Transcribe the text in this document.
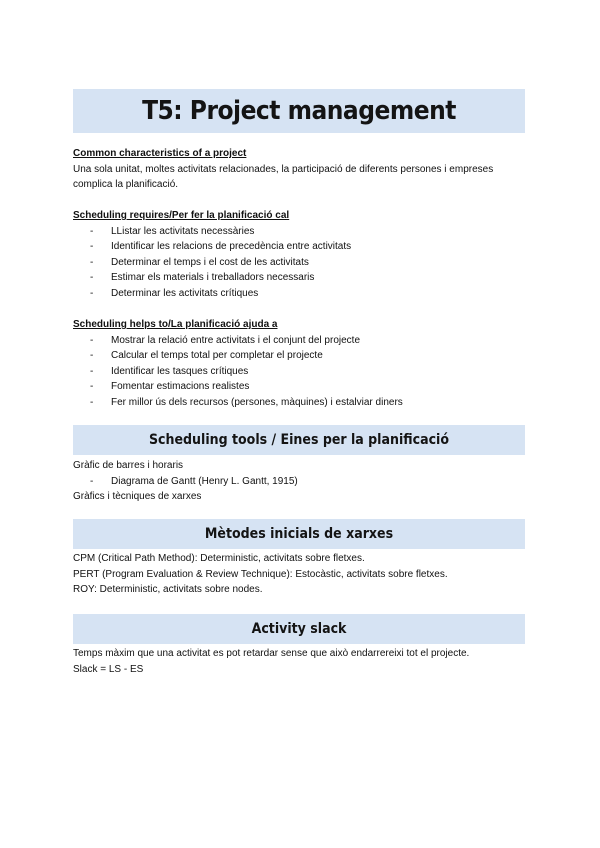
T5: Project management

Common characteristics of a project

Una sola unitat, moltes activitats relacionades, la participació de diferents persones i empreses

complica la planificació.

Scheduling requires/Per fer la planificació cal

-	LListar les activitats necessàries
-	Identificar les relacions de precedència entre activitats
-	Determinar el temps i el cost de les activitats
-	Estimar els materials i treballadors necessaris
-	Determinar les activitats crítiques

Scheduling helps to/La planificació ajuda a

-	Mostrar la relació entre activitats i el conjunt del projecte
-	Calcular el temps total per completar el projecte
-	Identificar les tasques crítiques
-	Fomentar estimacions realistes
-	Fer millor ús dels recursos (persones, màquines) i estalviar diners
Scheduling tools / Eines per la planificació

Gràfic de barres i horaris

-	Diagrama de Gantt (Henry L. Gantt, 1915)

Gràfics i tècniques de xarxes

Mètodes inicials de xarxes

CPM (Critical Path Method): Deterministic, activitats sobre fletxes.

PERT (Program Evaluation & Review Technique): Estocàstic, activitats sobre fletxes.

ROY: Deterministic, activitats sobre nodes.

Activity slack

Temps màxim que una activitat es pot retardar sense que això endarrereixi tot el projecte.

Slack = LS - ES
